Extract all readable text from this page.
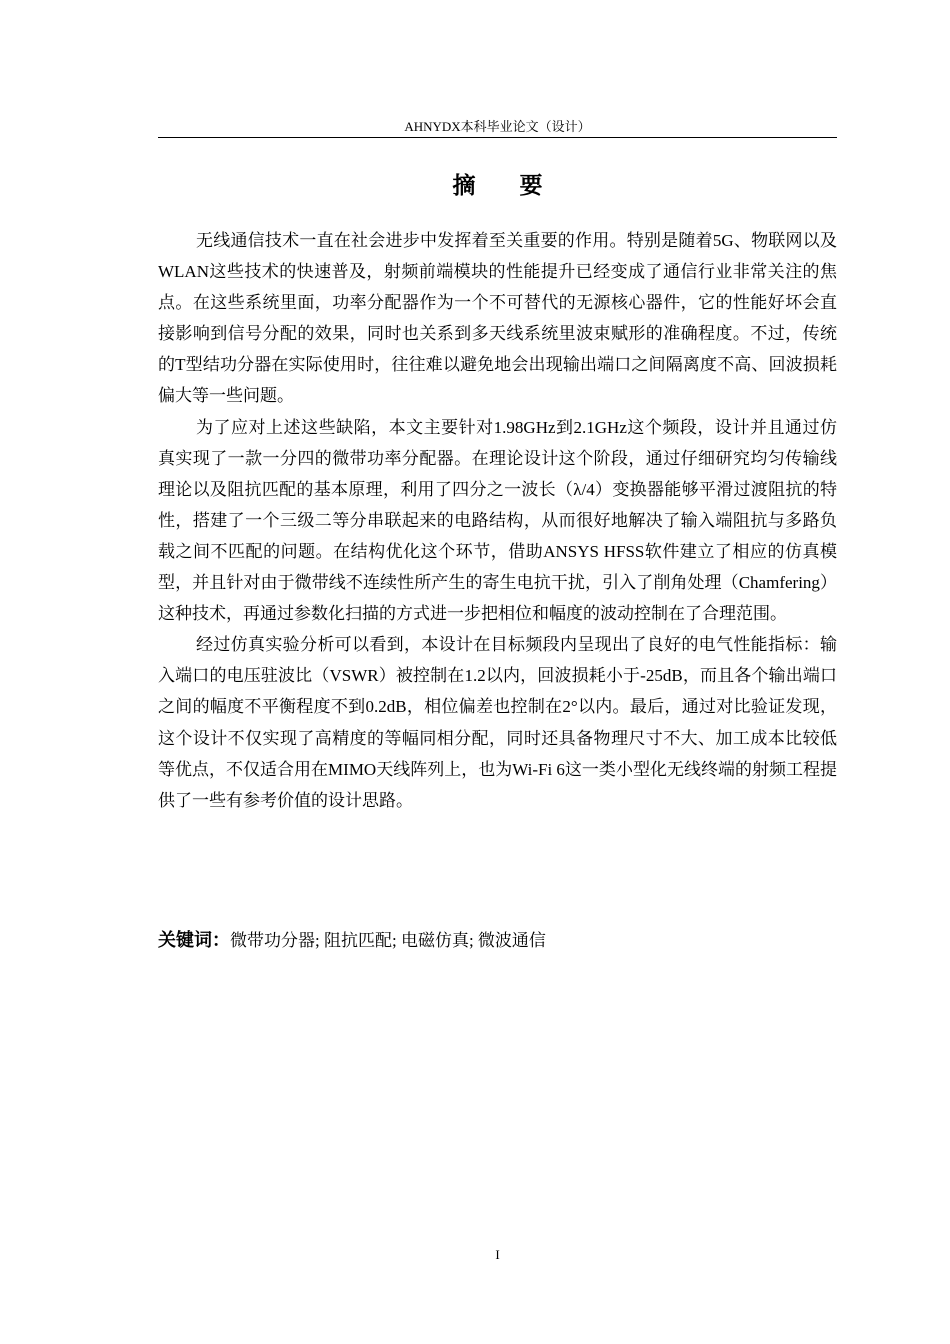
AHNYDX本科毕业论文（设计）
摘 要

无线通信技术一直在社会进步中发挥着至关重要的作用。特别是随着5G、物联网以及WLAN这些技术的快速普及，射频前端模块的性能提升已经变成了通信行业非常关注的焦点。在这些系统里面，功率分配器作为一个不可替代的无源核心器件，它的性能好坏会直接影响到信号分配的效果，同时也关系到多天线系统里波束赋形的准确程度。不过，传统的T型结功分器在实际使用时，往往难以避免地会出现输出端口之间隔离度不高、回波损耗偏大等一些问题。

为了应对上述这些缺陷，本文主要针对1.98GHz到2.1GHz这个频段，设计并且通过仿真实现了一款一分四的微带功率分配器。在理论设计这个阶段，通过仔细研究均匀传输线理论以及阻抗匹配的基本原理，利用了四分之一波长（λ/4）变换器能够平滑过渡阻抗的特性，搭建了一个三级二等分串联起来的电路结构，从而很好地解决了输入端阻抗与多路负载之间不匹配的问题。在结构优化这个环节，借助ANSYS HFSS软件建立了相应的仿真模型，并且针对由于微带线不连续性所产生的寄生电抗干扰，引入了削角处理（Chamfering）这种技术，再通过参数化扫描的方式进一步把相位和幅度的波动控制在了合理范围。

经过仿真实验分析可以看到，本设计在目标频段内呈现出了良好的电气性能指标：输入端口的电压驻波比（VSWR）被控制在1.2以内，回波损耗小于-25dB，而且各个输出端口之间的幅度不平衡程度不到0.2dB，相位偏差也控制在2°以内。最后，通过对比验证发现，这个设计不仅实现了高精度的等幅同相分配，同时还具备物理尺寸不大、加工成本比较低等优点，不仅适合用在MIMO天线阵列上，也为Wi-Fi 6这一类小型化无线终端的射频工程提供了一些有参考价值的设计思路。

关键词：微带功分器; 阻抗匹配; 电磁仿真; 微波通信
I
